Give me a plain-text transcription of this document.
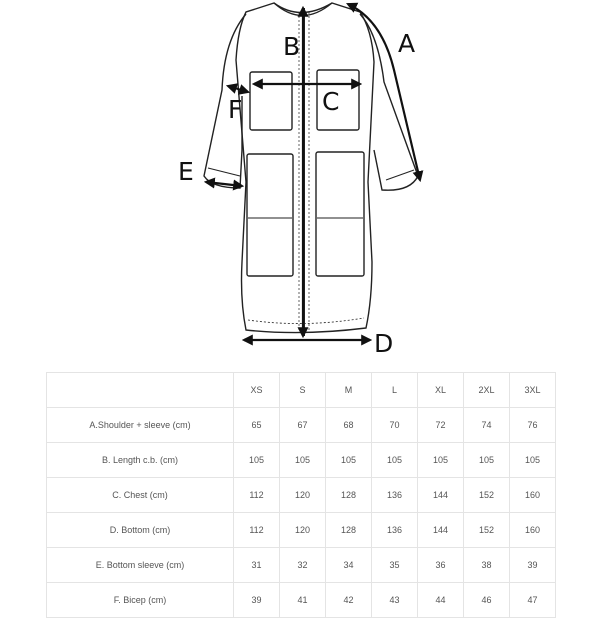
A
B
C
D
E
F
	XS	S	M	L	XL	2XL	3XL
A.Shoulder + sleeve (cm)	65	67	68	70	72	74	76
B. Length c.b. (cm)	105	105	105	105	105	105	105
C. Chest (cm)	112	120	128	136	144	152	160
D. Bottom (cm)	112	120	128	136	144	152	160
E. Bottom sleeve (cm)	31	32	34	35	36	38	39
F. Bicep (cm)	39	41	42	43	44	46	47
